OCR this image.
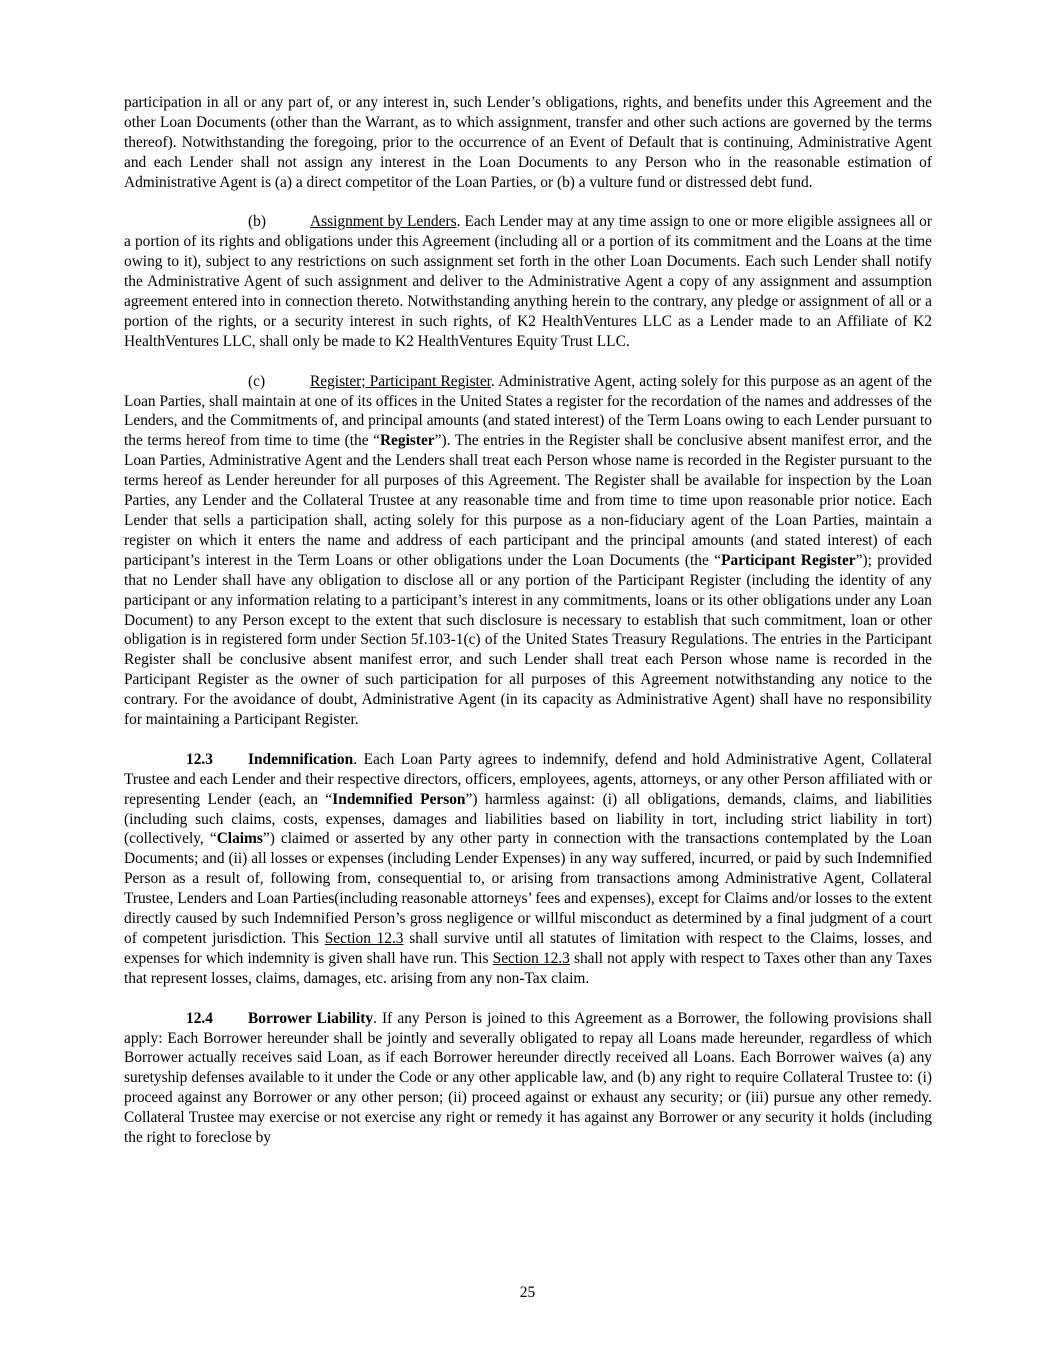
participation in all or any part of, or any interest in, such Lender’s obligations, rights, and benefits under this Agreement and the other Loan Documents (other than the Warrant, as to which assignment, transfer and other such actions are governed by the terms thereof). Notwithstanding the foregoing, prior to the occurrence of an Event of Default that is continuing, Administrative Agent and each Lender shall not assign any interest in the Loan Documents to any Person who in the reasonable estimation of Administrative Agent is (a) a direct competitor of the Loan Parties, or (b) a vulture fund or distressed debt fund.

(b)	Assignment by Lenders. Each Lender may at any time assign to one or more eligible assignees all or a portion of its rights and obligations under this Agreement (including all or a portion of its commitment and the Loans at the time owing to it), subject to any restrictions on such assignment set forth in the other Loan Documents. Each such Lender shall notify the Administrative Agent of such assignment and deliver to the Administrative Agent a copy of any assignment and assumption agreement entered into in connection thereto. Notwithstanding anything herein to the contrary, any pledge or assignment of all or a portion of the rights, or a security interest in such rights, of K2 HealthVentures LLC as a Lender made to an Affiliate of K2 HealthVentures LLC, shall only be made to K2 HealthVentures Equity Trust LLC.

(c)	Register; Participant Register. Administrative Agent, acting solely for this purpose as an agent of the Loan Parties, shall maintain at one of its offices in the United States a register for the recordation of the names and addresses of the Lenders, and the Commitments of, and principal amounts (and stated interest) of the Term Loans owing to each Lender pursuant to the terms hereof from time to time (the “Register”). The entries in the Register shall be conclusive absent manifest error, and the Loan Parties, Administrative Agent and the Lenders shall treat each Person whose name is recorded in the Register pursuant to the terms hereof as Lender hereunder for all purposes of this Agreement. The Register shall be available for inspection by the Loan Parties, any Lender and the Collateral Trustee at any reasonable time and from time to time upon reasonable prior notice. Each Lender that sells a participation shall, acting solely for this purpose as a non-fiduciary agent of the Loan Parties, maintain a register on which it enters the name and address of each participant and the principal amounts (and stated interest) of each participant’s interest in the Term Loans or other obligations under the Loan Documents (the “Participant Register”); provided that no Lender shall have any obligation to disclose all or any portion of the Participant Register (including the identity of any participant or any information relating to a participant’s interest in any commitments, loans or its other obligations under any Loan Document) to any Person except to the extent that such disclosure is necessary to establish that such commitment, loan or other obligation is in registered form under Section 5f.103-1(c) of the United States Treasury Regulations. The entries in the Participant Register shall be conclusive absent manifest error, and such Lender shall treat each Person whose name is recorded in the Participant Register as the owner of such participation for all purposes of this Agreement notwithstanding any notice to the contrary. For the avoidance of doubt, Administrative Agent (in its capacity as Administrative Agent) shall have no responsibility for maintaining a Participant Register.

12.3 Indemnification. Each Loan Party agrees to indemnify, defend and hold Administrative Agent, Collateral Trustee and each Lender and their respective directors, officers, employees, agents, attorneys, or any other Person affiliated with or representing Lender (each, an “Indemnified Person”) harmless against: (i) all obligations, demands, claims, and liabilities (including such claims, costs, expenses, damages and liabilities based on liability in tort, including strict liability in tort) (collectively, “Claims”) claimed or asserted by any other party in connection with the transactions contemplated by the Loan Documents; and (ii) all losses or expenses (including Lender Expenses) in any way suffered, incurred, or paid by such Indemnified Person as a result of, following from, consequential to, or arising from transactions among Administrative Agent, Collateral Trustee, Lenders and Loan Parties(including reasonable attorneys’ fees and expenses), except for Claims and/or losses to the extent directly caused by such Indemnified Person’s gross negligence or willful misconduct as determined by a final judgment of a court of competent jurisdiction. This Section 12.3 shall survive until all statutes of limitation with respect to the Claims, losses, and expenses for which indemnity is given shall have run. This Section 12.3 shall not apply with respect to Taxes other than any Taxes that represent losses, claims, damages, etc. arising from any non-Tax claim.

12.4 Borrower Liability. If any Person is joined to this Agreement as a Borrower, the following provisions shall apply: Each Borrower hereunder shall be jointly and severally obligated to repay all Loans made hereunder, regardless of which Borrower actually receives said Loan, as if each Borrower hereunder directly received all Loans. Each Borrower waives (a) any suretyship defenses available to it under the Code or any other applicable law, and (b) any right to require Collateral Trustee to: (i) proceed against any Borrower or any other person; (ii) proceed against or exhaust any security; or (iii) pursue any other remedy. Collateral Trustee may exercise or not exercise any right or remedy it has against any Borrower or any security it holds (including the right to foreclose by

25
